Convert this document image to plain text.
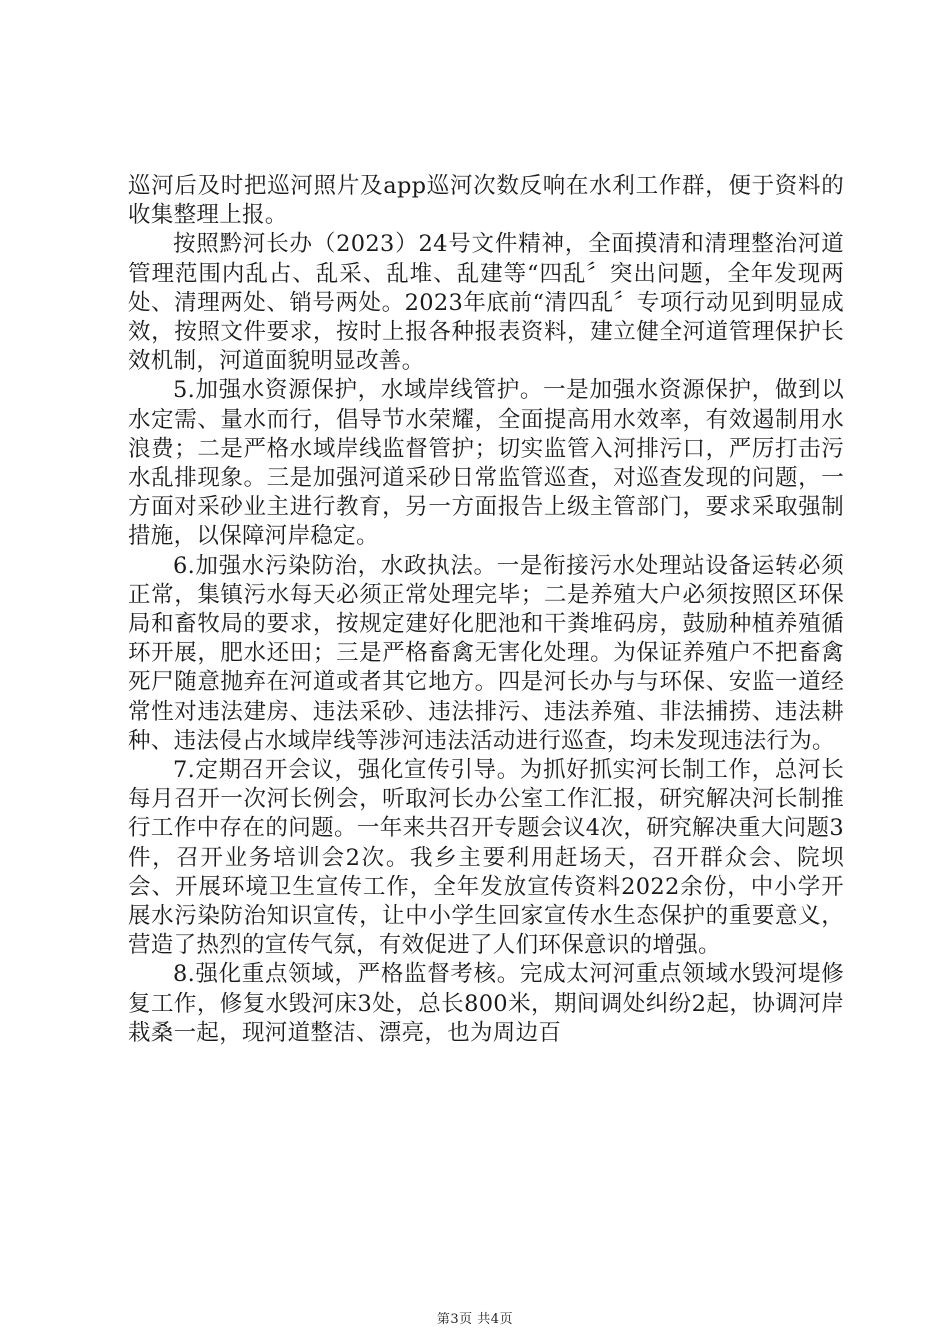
巡河后及时把巡河照片及app巡河次数反响在水利工作群，便于资料的收集整理上报。

按照黔河长办（2023）24号文件精神，全面摸清和清理整治河道管理范围内乱占、乱采、乱堆、乱建等“四乱〞突出问题，全年发现两处、清理两处、销号两处。2023年底前“清四乱〞专项行动见到明显成效，按照文件要求，按时上报各种报表资料，建立健全河道管理保护长效机制，河道面貌明显改善。

5.加强水资源保护，水域岸线管护。一是加强水资源保护，做到以水定需、量水而行，倡导节水荣耀，全面提高用水效率，有效遏制用水浪费；二是严格水域岸线监督管护；切实监管入河排污口，严厉打击污水乱排现象。三是加强河道采砂日常监管巡查，对巡查发现的问题，一方面对采砂业主进行教育，另一方面报告上级主管部门，要求采取强制措施，以保障河岸稳定。

6.加强水污染防治，水政执法。一是衔接污水处理站设备运转必须正常，集镇污水每天必须正常处理完毕；二是养殖大户必须按照区环保局和畜牧局的要求，按规定建好化肥池和干粪堆码房，鼓励种植养殖循环开展，肥水还田；三是严格畜禽无害化处理。为保证养殖户不把畜禽死尸随意抛弃在河道或者其它地方。四是河长办与与环保、安监一道经常性对违法建房、违法采砂、违法排污、违法养殖、非法捕捞、违法耕种、违法侵占水域岸线等涉河违法活动进行巡查，均未发现违法行为。

7.定期召开会议，强化宣传引导。为抓好抓实河长制工作，总河长每月召开一次河长例会，听取河长办公室工作汇报，研究解决河长制推行工作中存在的问题。一年来共召开专题会议4次，研究解决重大问题3件，召开业务培训会2次。我乡主要利用赶场天，召开群众会、院坝会、开展环境卫生宣传工作，全年发放宣传资料2022余份，中小学开展水污染防治知识宣传，让中小学生回家宣传水生态保护的重要意义，营造了热烈的宣传气氛，有效促进了人们环保意识的增强。

8.强化重点领域，严格监督考核。完成太河河重点领域水毁河堤修复工作，修复水毁河床3处，总长800米，期间调处纠纷2起，协调河岸栽桑一起，现河道整洁、漂亮，也为周边百

第3页 共4页
